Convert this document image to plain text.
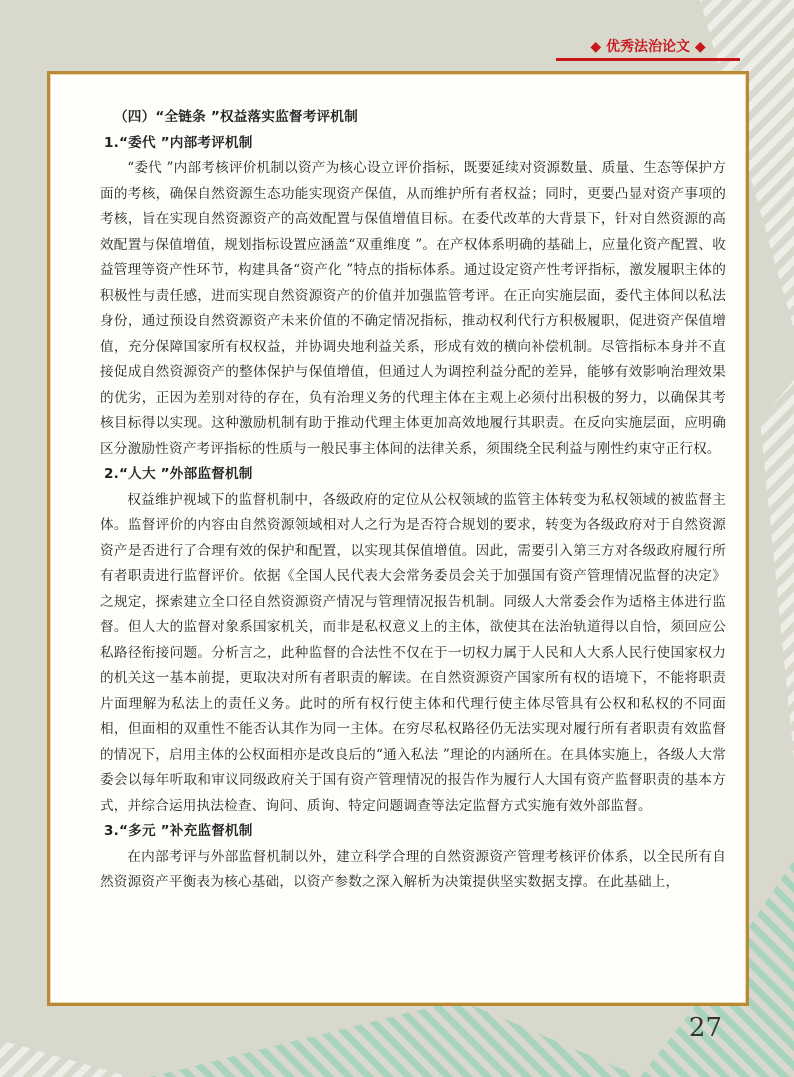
◆ 优秀法治论文 ◆
（四）“全链条 ”权益落实监督考评机制
1.“委代 ”内部考评机制

“委代 ”内部考核评价机制以资产为核心设立评价指标，既要延续对资源数量、质量、生态等保护方面的考核，确保自然资源生态功能实现资产保值，从而维护所有者权益；同时，更要凸显对资产事项的考核，旨在实现自然资源资产的高效配置与保值增值目标。在委代改革的大背景下，针对自然资源的高效配置与保值增值，规划指标设置应涵盖“双重维度 ”。在产权体系明确的基础上，应量化资产配置、收益管理等资产性环节，构建具备“资产化 ”特点的指标体系。通过设定资产性考评指标，激发履职主体的积极性与责任感，进而实现自然资源资产的价值并加强监管考评。在正向实施层面，委代主体间以私法身份，通过预设自然资源资产未来价值的不确定情况指标，推动权利代行方积极履职，促进资产保值增值，充分保障国家所有权权益，并协调央地利益关系，形成有效的横向补偿机制。尽管指标本身并不直接促成自然资源资产的整体保护与保值增值，但通过人为调控利益分配的差异，能够有效影响治理效果的优劣，正因为差别对待的存在，负有治理义务的代理主体在主观上必须付出积极的努力，以确保其考核目标得以实现。这种激励机制有助于推动代理主体更加高效地履行其职责。在反向实施层面，应明确区分激励性资产考评指标的性质与一般民事主体间的法律关系，须围绕全民利益与刚性约束守正行权。

2.“人大 ”外部监督机制

权益维护视域下的监督机制中，各级政府的定位从公权领域的监管主体转变为私权领域的被监督主体。监督评价的内容由自然资源领域相对人之行为是否符合规划的要求，转变为各级政府对于自然资源资产是否进行了合理有效的保护和配置，以实现其保值增值。因此，需要引入第三方对各级政府履行所有者职责进行监督评价。依据《全国人民代表大会常务委员会关于加强国有资产管理情况监督的决定》之规定，探索建立全口径自然资源资产情况与管理情况报告机制。同级人大常委会作为适格主体进行监督。但人大的监督对象系国家机关，而非是私权意义上的主体，欲使其在法治轨道得以自恰，须回应公私路径衔接问题。分析言之，此种监督的合法性不仅在于一切权力属于人民和人大系人民行使国家权力的机关这一基本前提，更取决对所有者职责的解读。在自然资源资产国家所有权的语境下，不能将职责片面理解为私法上的责任义务。此时的所有权行使主体和代理行使主体尽管具有公权和私权的不同面相，但面相的双重性不能否认其作为同一主体。在穷尽私权路径仍无法实现对履行所有者职责有效监督的情况下，启用主体的公权面相亦是改良后的“通入私法 ”理论的内涵所在。在具体实施上，各级人大常委会以每年听取和审议同级政府关于国有资产管理情况的报告作为履行人大国有资产监督职责的基本方式，并综合运用执法检查、询问、质询、特定问题调查等法定监督方式实施有效外部监督。

3.“多元 ”补充监督机制

在内部考评与外部监督机制以外，建立科学合理的自然资源资产管理考核评价体系，以全民所有自然资源资产平衡表为核心基础，以资产参数之深入解析为决策提供坚实数据支撑。在此基础上，

27
